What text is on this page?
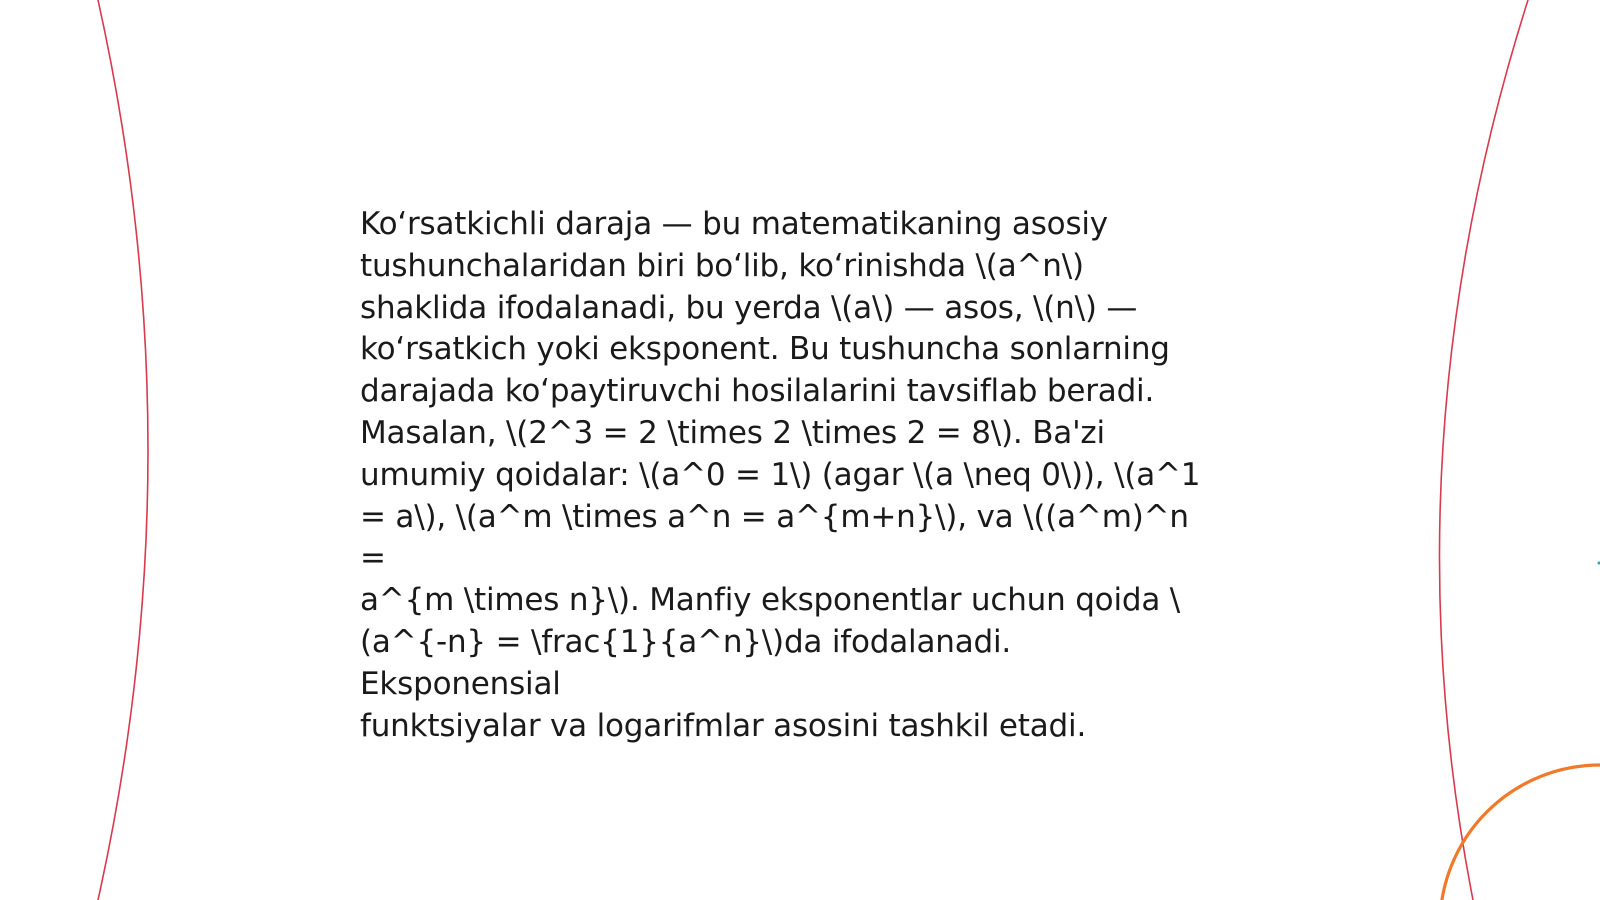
Ko‘rsatkichli daraja — bu matematikaning asosiy
tushunchalaridan biri bo‘lib, ko‘rinishda \(a^n\)
shaklida ifodalanadi, bu yerda \(a\) — asos, \(n\) —
ko‘rsatkich yoki eksponent. Bu tushuncha sonlarning
darajada ko‘paytiruvchi hosilalarini tavsiflab beradi.
Masalan, \(2^3 = 2 \times 2 \times 2 = 8\). Ba'zi
umumiy qoidalar: \(a^0 = 1\) (agar \(a \neq 0\)), \(a^1
= a\), \(a^m \times a^n = a^{m+n}\), va \((a^m)^n =
a^{m \times n}\). Manfiy eksponentlar uchun qoida \
(a^{-n} = \frac{1}{a^n}\)da ifodalanadi. Eksponensial
funktsiyalar va logarifmlar asosini tashkil etadi.
